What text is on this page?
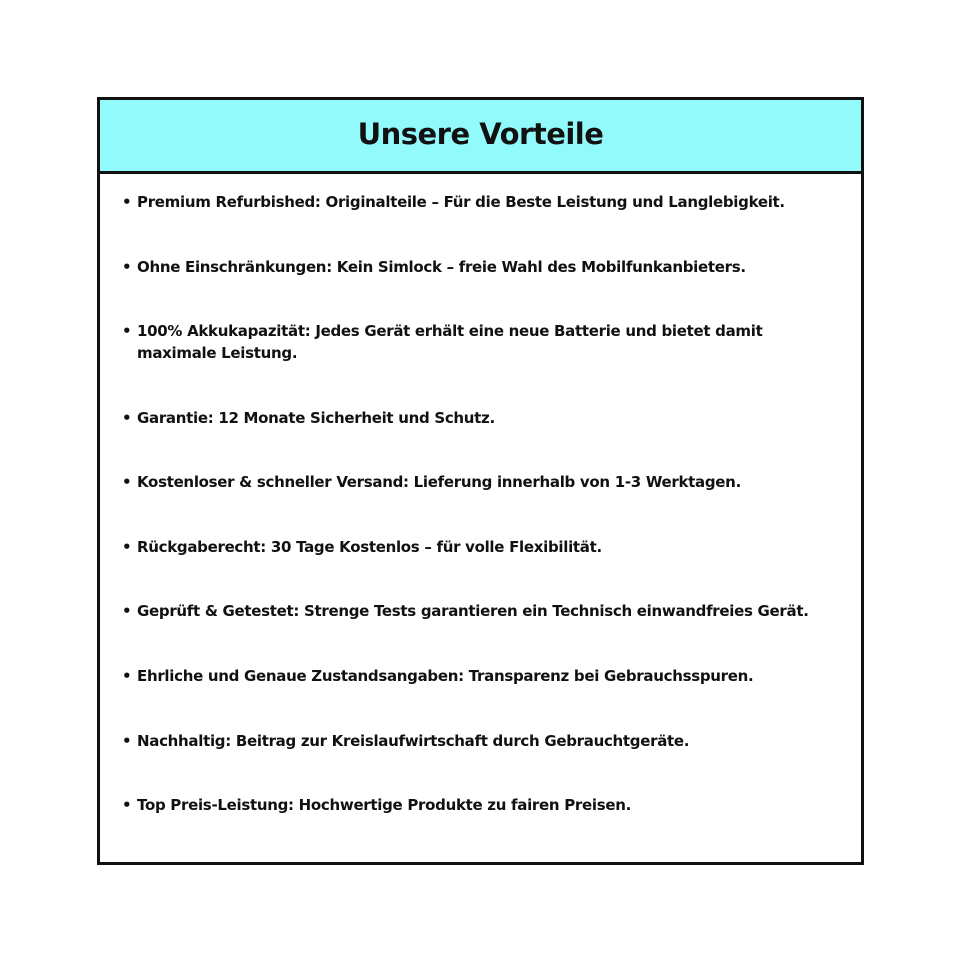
Unsere Vorteile
• Premium Refurbished: Originalteile – Für die Beste Leistung und Langlebigkeit.
• Ohne Einschränkungen: Kein Simlock – freie Wahl des Mobilfunkanbieters.
• 100% Akkukapazität: Jedes Gerät erhält eine neue Batterie und bietet damit maximale Leistung.
• Garantie: 12 Monate Sicherheit und Schutz.
• Kostenloser & schneller Versand: Lieferung innerhalb von 1-3 Werktagen.
• Rückgaberecht: 30 Tage Kostenlos – für volle Flexibilität.
• Geprüft & Getestet: Strenge Tests garantieren ein Technisch einwandfreies Gerät.
• Ehrliche und Genaue Zustandsangaben: Transparenz bei Gebrauchsspuren.
• Nachhaltig: Beitrag zur Kreislaufwirtschaft durch Gebrauchtgeräte.
• Top Preis-Leistung: Hochwertige Produkte zu fairen Preisen.
